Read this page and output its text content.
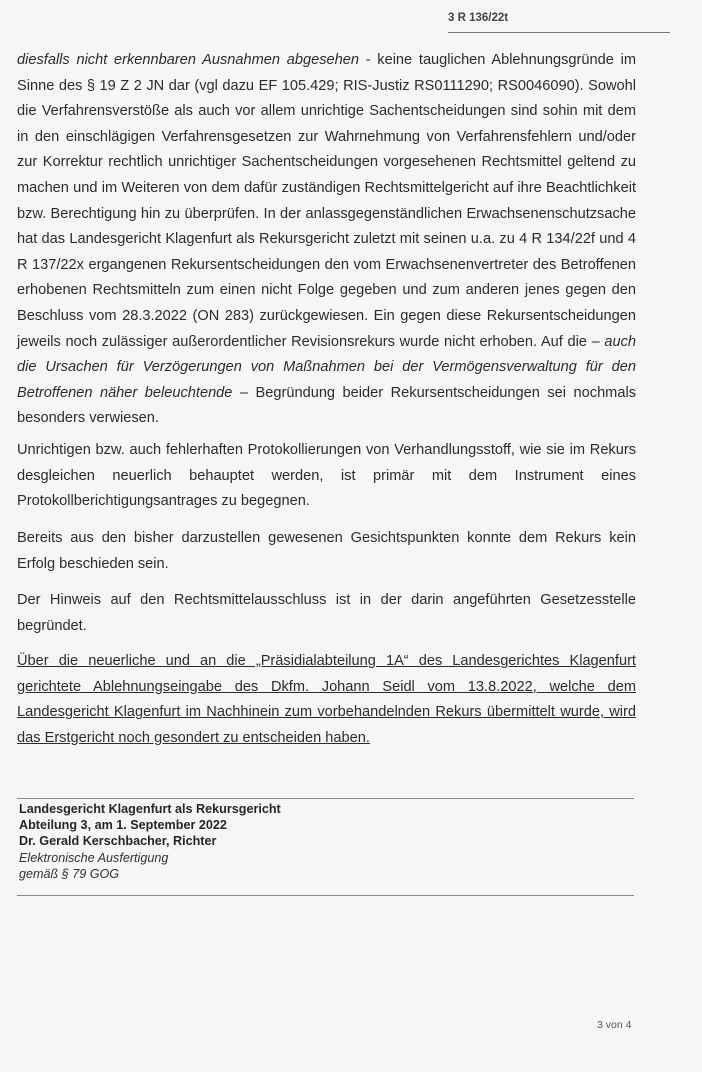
3 R 136/22t

diesfalls nicht erkennbaren Ausnahmen abgesehen - keine tauglichen Ablehnungsgründe im Sinne des § 19 Z 2 JN dar (vgl dazu EF 105.429; RIS-Justiz RS0111290; RS0046090). Sowohl die Verfahrensverstöße als auch vor allem unrichtige Sachentscheidungen sind sohin mit dem in den einschlägigen Verfahrensgesetzen zur Wahrnehmung von Verfahrensfehlern und/oder zur Korrektur rechtlich unrichtiger Sachentscheidungen vorgesehenen Rechtsmittel geltend zu machen und im Weiteren von dem dafür zuständigen Rechtsmittelgericht auf ihre Beachtlichkeit bzw. Berechtigung hin zu überprüfen. In der anlassgegenständlichen Erwachsenenschutzsache hat das Landesgericht Klagenfurt als Rekursgericht zuletzt mit seinen u.a. zu 4 R 134/22f und 4 R 137/22x ergangenen Rekursentscheidungen den vom Erwachsenenvertreter des Betroffenen erhobenen Rechtsmitteln zum einen nicht Folge gegeben und zum anderen jenes gegen den Beschluss vom 28.3.2022 (ON 283) zurückgewiesen. Ein gegen diese Rekursentscheidungen jeweils noch zulässiger außerordentlicher Revisionsrekurs wurde nicht erhoben. Auf die – auch die Ursachen für Verzögerungen von Maßnahmen bei der Vermögensverwaltung für den Betroffenen näher beleuchtende – Begründung beider Rekursentscheidungen sei nochmals besonders verwiesen.

Unrichtigen bzw. auch fehlerhaften Protokollierungen von Verhandlungsstoff, wie sie im Rekurs desgleichen neuerlich behauptet werden, ist primär mit dem Instrument eines Protokollberichtigungsantrages zu begegnen.

Bereits aus den bisher darzustellen gewesenen Gesichtspunkten konnte dem Rekurs kein Erfolg beschieden sein.

Der Hinweis auf den Rechtsmittelausschluss ist in der darin angeführten Gesetzesstelle begründet.

Über die neuerliche und an die „Präsidialabteilung 1A“ des Landesgerichtes Klagenfurt gerichtete Ablehnungseingabe des Dkfm. Johann Seidl vom 13.8.2022, welche dem Landesgericht Klagenfurt im Nachhinein zum vorbehandelnden Rekurs übermittelt wurde, wird das Erstgericht noch gesondert zu entscheiden haben.

Landesgericht Klagenfurt als Rekursgericht
Abteilung 3, am 1. September 2022
Dr. Gerald Kerschbacher, Richter
Elektronische Ausfertigung
gemäß § 79 GOG
3 von 4
